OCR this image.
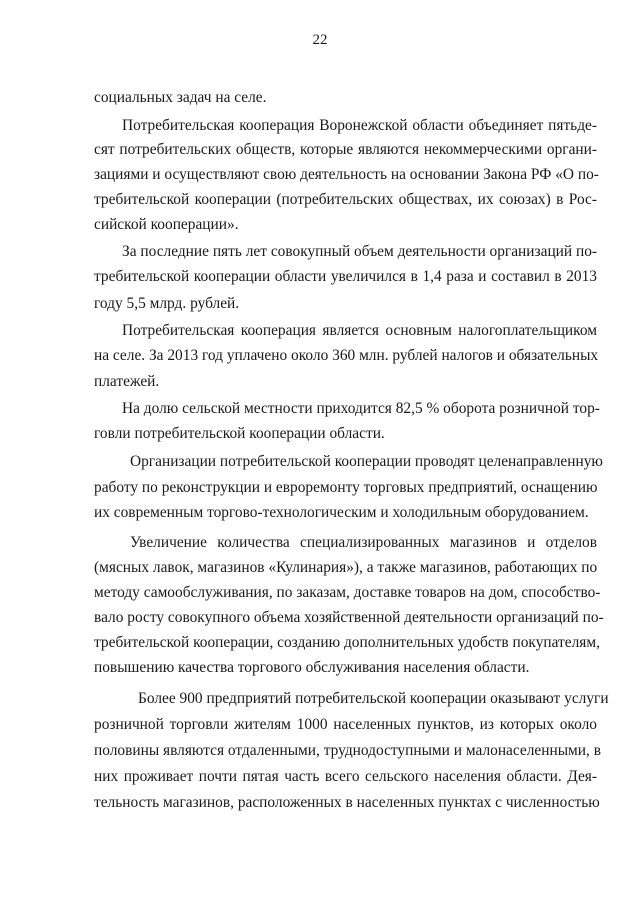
22
социальных задач на селе.
Потребительская кооперация Воронежской области объединяет пятьде-
сят потребительских обществ, которые являются некоммерческими органи-
зациями и осуществляют свою деятельность на основании Закона РФ «О по-
требительской кооперации (потребительских обществах, их союзах) в Рос-
сийской кооперации».
За последние пять лет совокупный объем деятельности организаций по-
требительской кооперации области увеличился в 1,4 раза и составил в 2013
году 5,5 млрд. рублей.
Потребительская кооперация является основным налогоплательщиком
на селе. За 2013 год уплачено около 360 млн. рублей налогов и обязательных
платежей.
На долю сельской местности приходится 82,5 % оборота розничной тор-
говли потребительской кооперации области.
Организации потребительской кооперации проводят целенаправленную
работу по реконструкции и евроремонту торговых предприятий, оснащению
их современным торгово-технологическим и холодильным оборудованием.
Увеличение количества специализированных магазинов и отделов
(мясных лавок, магазинов «Кулинария»), а также магазинов, работающих по
методу самообслуживания, по заказам, доставке товаров на дом, способство-
вало росту совокупного объема хозяйственной деятельности организаций по-
требительской кооперации, созданию дополнительных удобств покупателям,
повышению качества торгового обслуживания населения области.
Более 900 предприятий потребительской кооперации оказывают услуги
розничной торговли жителям 1000 населенных пунктов, из которых около
половины являются отдаленными, труднодоступными и малонаселенными, в
них проживает почти пятая часть всего сельского населения области. Дея-
тельность магазинов, расположенных в населенных пунктах с численностью
